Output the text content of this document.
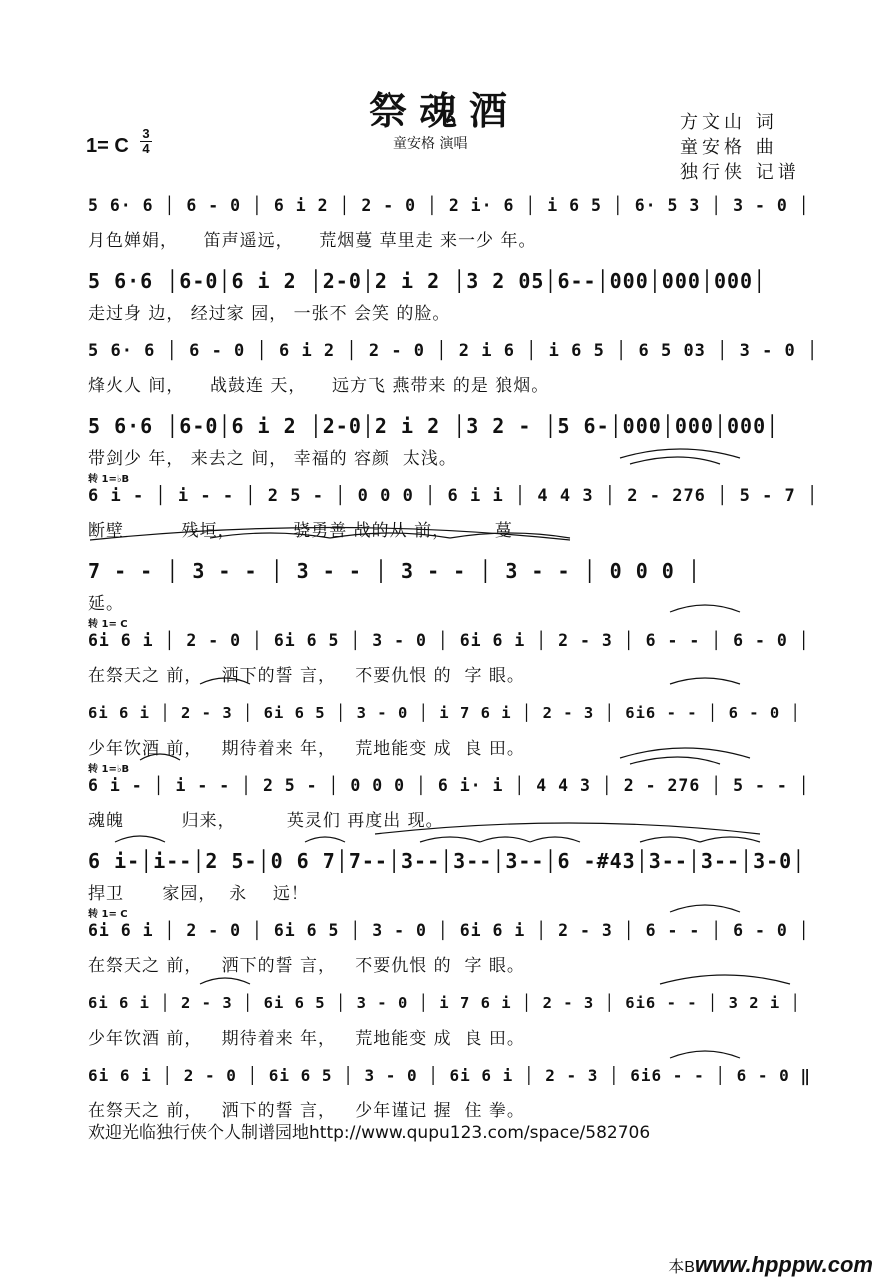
祭魂酒
童安格 演唱
方文山 词
童安格 曲
独行侠 记谱
1= C
3
4
5 6· 6 │ 6 - 0 │ 6 i 2 │ 2 - 0 │ 2 i· 6 │ i 6 5 │ 6· 5 3 │ 3 - 0 │
月色婵娟，    笛声遥远，    荒烟蔓 草里走 来一少 年。
5 6·6 │6-0│6 i 2 │2-0│2 i 2 │3 2 05│6--│000│000│000│
走过身 边， 经过家 园， 一张不 会笑 的脸。
5 6· 6 │ 6 - 0 │ 6 i 2 │ 2 - 0 │ 2 i 6 │ i 6 5 │ 6 5 03 │ 3 - 0 │
烽火人 间，    战鼓连 天，    远方飞 燕带来 的是 狼烟。
5 6·6 │6-0│6 i 2 │2-0│2 i 2 │3 2 - │5 6-│000│000│000│
带剑少 年， 来去之 间， 幸福的 容颜  太浅。
转 1=♭B
6 i - │ i - - │ 2 5 - │ 0 0 0 │ 6 i i │ 4 4 3 │ 2 - 276 │ 5 - 7 │
断壁         残垣，         骁勇善 战的从 前，       蔓
7 - - │ 3 - - │ 3 - - │ 3 - - │ 3 - - │ 0 0 0 │
延。
转 1= C
6i 6 i │ 2 - 0 │ 6i 6 5 │ 3 - 0 │ 6i 6 i │ 2 - 3 │ 6 - - │ 6 - 0 │
在祭天之 前，   洒下的誓 言，   不要仇恨 的  字 眼。
6i 6 i │ 2 - 3 │ 6i 6 5 │ 3 - 0 │ i 7 6 i │ 2 - 3 │ 6i6 - - │ 6 - 0 │
少年饮酒 前，   期待着来 年，   荒地能变 成  良 田。
转 1=♭B
6 i - │ i - - │ 2 5 - │ 0 0 0 │ 6 i· i │ 4 4 3 │ 2 - 276 │ 5 - - │
魂魄         归来，        英灵们 再度出 现。
6 i-│i--│2 5-│0 6 7│7--│3--│3--│3--│6 -#43│3--│3--│3-0│
捍卫      家园，  永    远！
转 1= C
6i 6 i │ 2 - 0 │ 6i 6 5 │ 3 - 0 │ 6i 6 i │ 2 - 3 │ 6 - - │ 6 - 0 │
在祭天之 前，   洒下的誓 言，   不要仇恨 的  字 眼。
6i 6 i │ 2 - 3 │ 6i 6 5 │ 3 - 0 │ i 7 6 i │ 2 - 3 │ 6i6 - - │ 3 2 i │
少年饮酒 前，   期待着来 年，   荒地能变 成  良 田。
6i 6 i │ 2 - 0 │ 6i 6 5 │ 3 - 0 │ 6i 6 i │ 2 - 3 │ 6i6 - - │ 6 - 0 ‖
在祭天之 前，   洒下的誓 言，   少年谨记 握  住 拳。
欢迎光临独行侠个人制谱园地http://www.qupu123.com/space/582706

本Bwww.hpppw.com
